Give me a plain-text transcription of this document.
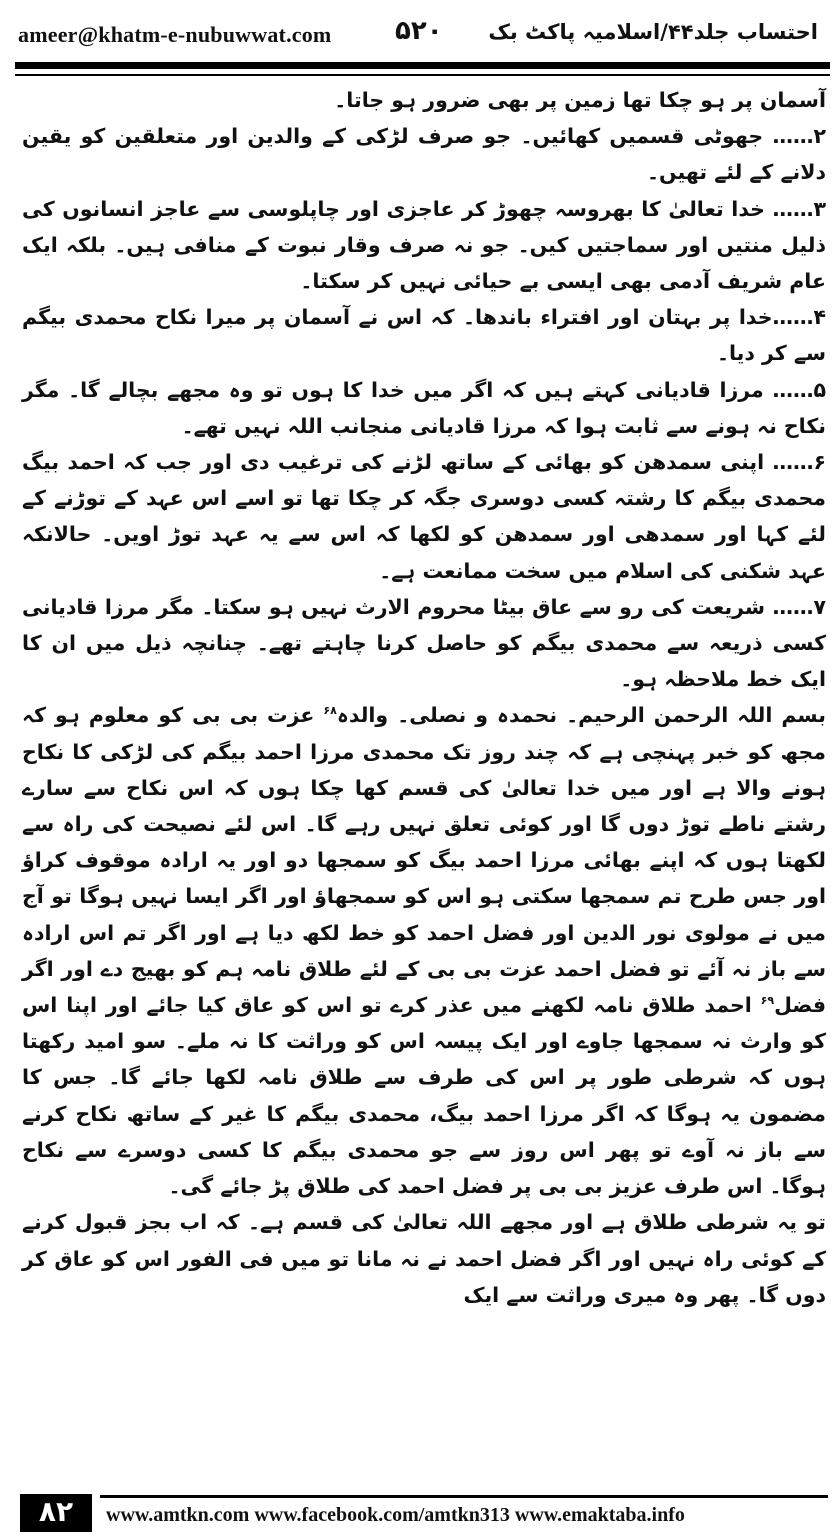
ameer@khatm-e-nubuwwat.com ۵۲۰ احتساب جلد۴۴/اسلامیہ پاکٹ بک

آسمان پر ہو چکا تھا زمین پر بھی ضرور ہو جاتا۔

۲…… جھوٹی قسمیں کھائیں۔ جو صرف لڑکی کے والدین اور متعلقین کو یقین دلانے کے لئے تھیں۔

۳…… خدا تعالیٰ کا بھروسہ چھوڑ کر عاجزی اور چاپلوسی سے عاجز انسانوں کی ذلیل منتیں اور سماجتیں کیں۔ جو نہ صرف وقار نبوت کے منافی ہیں۔ بلکہ ایک عام شریف آدمی بھی ایسی بے حیائی نہیں کر سکتا۔

۴……خدا پر بہتان اور افتراء باندھا۔ کہ اس نے آسمان پر میرا نکاح محمدی بیگم سے کر دیا۔

۵…… مرزا قادیانی کہتے ہیں کہ اگر میں خدا کا ہوں تو وہ مجھے بچالے گا۔ مگر نکاح نہ ہونے سے ثابت ہوا کہ مرزا قادیانی منجانب اللہ نہیں تھے۔

۶…… اپنی سمدھن کو بھائی کے ساتھ لڑنے کی ترغیب دی اور جب کہ احمد بیگ محمدی بیگم کا رشتہ کسی دوسری جگہ کر چکا تھا تو اسے اس عہد کے توڑنے کے لئے کہا اور سمدھی اور سمدھن کو لکھا کہ اس سے یہ عہد توڑ اویں۔ حالانکہ عہد شکنی کی اسلام میں سخت ممانعت ہے۔

۷…… شریعت کی رو سے عاق بیٹا محروم الارث نہیں ہو سکتا۔ مگر مرزا قادیانی کسی ذریعہ سے محمدی بیگم کو حاصل کرنا چاہتے تھے۔ چنانچہ ذیل میں ان کا ایک خط ملاحظہ ہو۔

بسم اللہ الرحمن الرحیم۔ نحمدہ و نصلی۔ والدہ$^{۶۸}$ عزت بی بی کو معلوم ہو کہ مجھ کو خبر پہنچی ہے کہ چند روز تک محمدی مرزا احمد بیگم کی لڑکی کا نکاح ہونے والا ہے اور میں خدا تعالیٰ کی قسم کھا چکا ہوں کہ اس نکاح سے سارے رشتے ناطے توڑ دوں گا اور کوئی تعلق نہیں رہے گا۔ اس لئے نصیحت کی راہ سے لکھتا ہوں کہ اپنے بھائی مرزا احمد بیگ کو سمجھا دو اور یہ ارادہ موقوف کراؤ اور جس طرح تم سمجھا سکتی ہو اس کو سمجھاؤ اور اگر ایسا نہیں ہوگا تو آج میں نے مولوی نور الدین اور فضل احمد کو خط لکھ دیا ہے اور اگر تم اس ارادہ سے باز نہ آئے تو فضل احمد عزت بی بی کے لئے طلاق نامہ ہم کو بھیج دے اور اگر فضل$^{۶۹}$ احمد طلاق نامہ لکھنے میں عذر کرے تو اس کو عاق کیا جائے اور اپنا اس کو وارث نہ سمجھا جاوے اور ایک پیسہ اس کو وراثت کا نہ ملے۔ سو امید رکھتا ہوں کہ شرطی طور پر اس کی طرف سے طلاق نامہ لکھا جائے گا۔ جس کا مضمون یہ ہوگا کہ اگر مرزا احمد بیگ، محمدی بیگم کا غیر کے ساتھ نکاح کرنے سے باز نہ آوے تو پھر اس روز سے جو محمدی بیگم کا کسی دوسرے سے نکاح ہوگا۔ اس طرف عزیز بی بی پر فضل احمد کی طلاق پڑ جائے گی۔

تو یہ شرطی طلاق ہے اور مجھے اللہ تعالیٰ کی قسم ہے۔ کہ اب بجز قبول کرنے کے کوئی راہ نہیں اور اگر فضل احمد نے نہ مانا تو میں فی الفور اس کو عاق کر دوں گا۔ پھر وہ میری وراثت سے ایک

۸۲	www.amtkn.com www.facebook.com/amtkn313 www.emaktaba.info
